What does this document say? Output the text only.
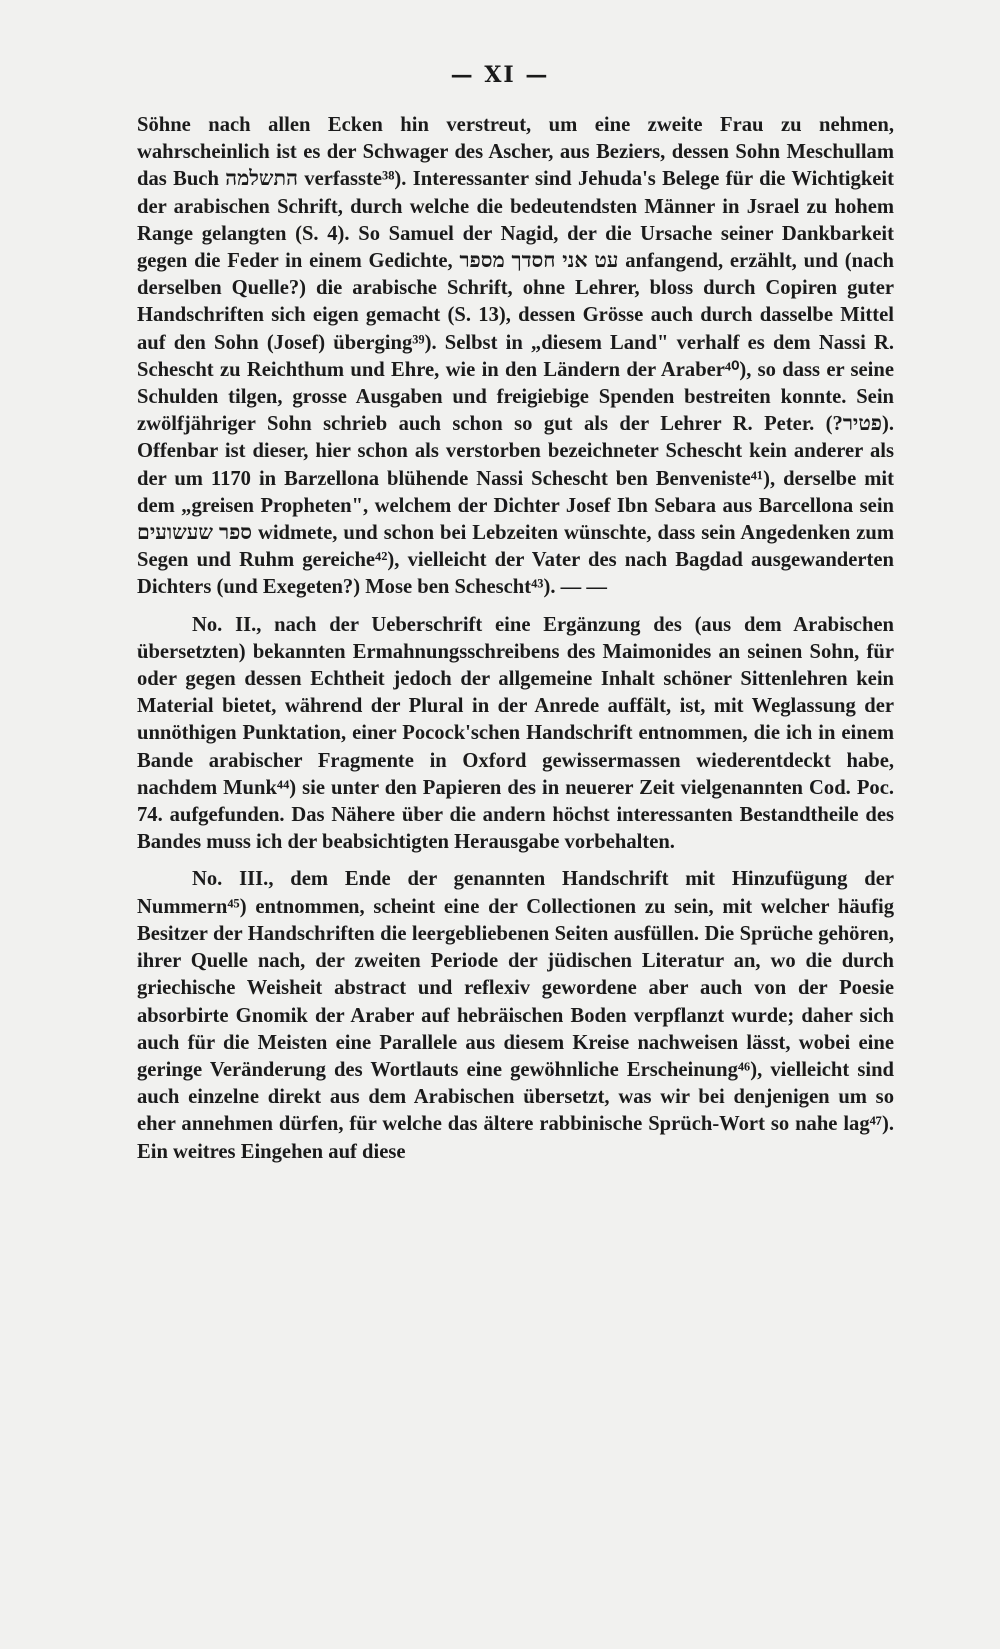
— XI —

Söhne nach allen Ecken hin verstreut, um eine zweite Frau zu nehmen, wahrscheinlich ist es der Schwager des Ascher, aus Beziers, dessen Sohn Meschullam das Buch התשלמה verfasste³⁸). Interessanter sind Jehuda's Belege für die Wichtigkeit der arabischen Schrift, durch welche die bedeutendsten Männer in Jsrael zu hohem Range gelangten (S. 4). So Samuel der Nagid, der die Ursache seiner Dankbarkeit gegen die Feder in einem Gedichte, עט אני חסדך מספר anfangend, erzählt, und (nach derselben Quelle?) die arabische Schrift, ohne Lehrer, bloss durch Copiren guter Handschriften sich eigen gemacht (S. 13), dessen Grösse auch durch dasselbe Mittel auf den Sohn (Josef) überging³⁹). Selbst in „diesem Land" verhalf es dem Nassi R. Schescht zu Reichthum und Ehre, wie in den Ländern der Araber⁴⁰), so dass er seine Schulden tilgen, grosse Ausgaben und freigiebige Spenden bestreiten konnte. Sein zwölfjähriger Sohn schrieb auch schon so gut als der Lehrer R. Peter. (?פטיר). Offenbar ist dieser, hier schon als verstorben bezeichneter Schescht kein anderer als der um 1170 in Barzellona blühende Nassi Schescht ben Benveniste⁴¹), derselbe mit dem „greisen Propheten", welchem der Dichter Josef Ibn Sebara aus Barcellona sein ספר שעשועים widmete, und schon bei Lebzeiten wünschte, dass sein Angedenken zum Segen und Ruhm gereiche⁴²), vielleicht der Vater des nach Bagdad ausgewanderten Dichters (und Exegeten?) Mose ben Schescht⁴³). — —

No. II., nach der Ueberschrift eine Ergänzung des (aus dem Arabischen übersetzten) bekannten Ermahnungsschreibens des Maimonides an seinen Sohn, für oder gegen dessen Echtheit jedoch der allgemeine Inhalt schöner Sittenlehren kein Material bietet, während der Plural in der Anrede auffält, ist, mit Weglassung der unnöthigen Punktation, einer Pocock'schen Handschrift entnommen, die ich in einem Bande arabischer Fragmente in Oxford gewissermassen wiederentdeckt habe, nachdem Munk⁴⁴) sie unter den Papieren des in neuerer Zeit vielgenannten Cod. Poc. 74. aufgefunden. Das Nähere über die andern höchst interessanten Bestandtheile des Bandes muss ich der beabsichtigten Herausgabe vorbehalten.

No. III., dem Ende der genannten Handschrift mit Hinzufügung der Nummern⁴⁵) entnommen, scheint eine der Collectionen zu sein, mit welcher häufig Besitzer der Handschriften die leergebliebenen Seiten ausfüllen. Die Sprüche gehören, ihrer Quelle nach, der zweiten Periode der jüdischen Literatur an, wo die durch griechische Weisheit abstract und reflexiv gewordene aber auch von der Poesie absorbirte Gnomik der Araber auf hebräischen Boden verpflanzt wurde; daher sich auch für die Meisten eine Parallele aus diesem Kreise nachweisen lässt, wobei eine geringe Veränderung des Wortlauts eine gewöhnliche Erscheinung⁴⁶), vielleicht sind auch einzelne direkt aus dem Arabischen übersetzt, was wir bei denjenigen um so eher annehmen dürfen, für welche das ältere rabbinische Sprüch-Wort so nahe lag⁴⁷). Ein weitres Eingehen auf diese
